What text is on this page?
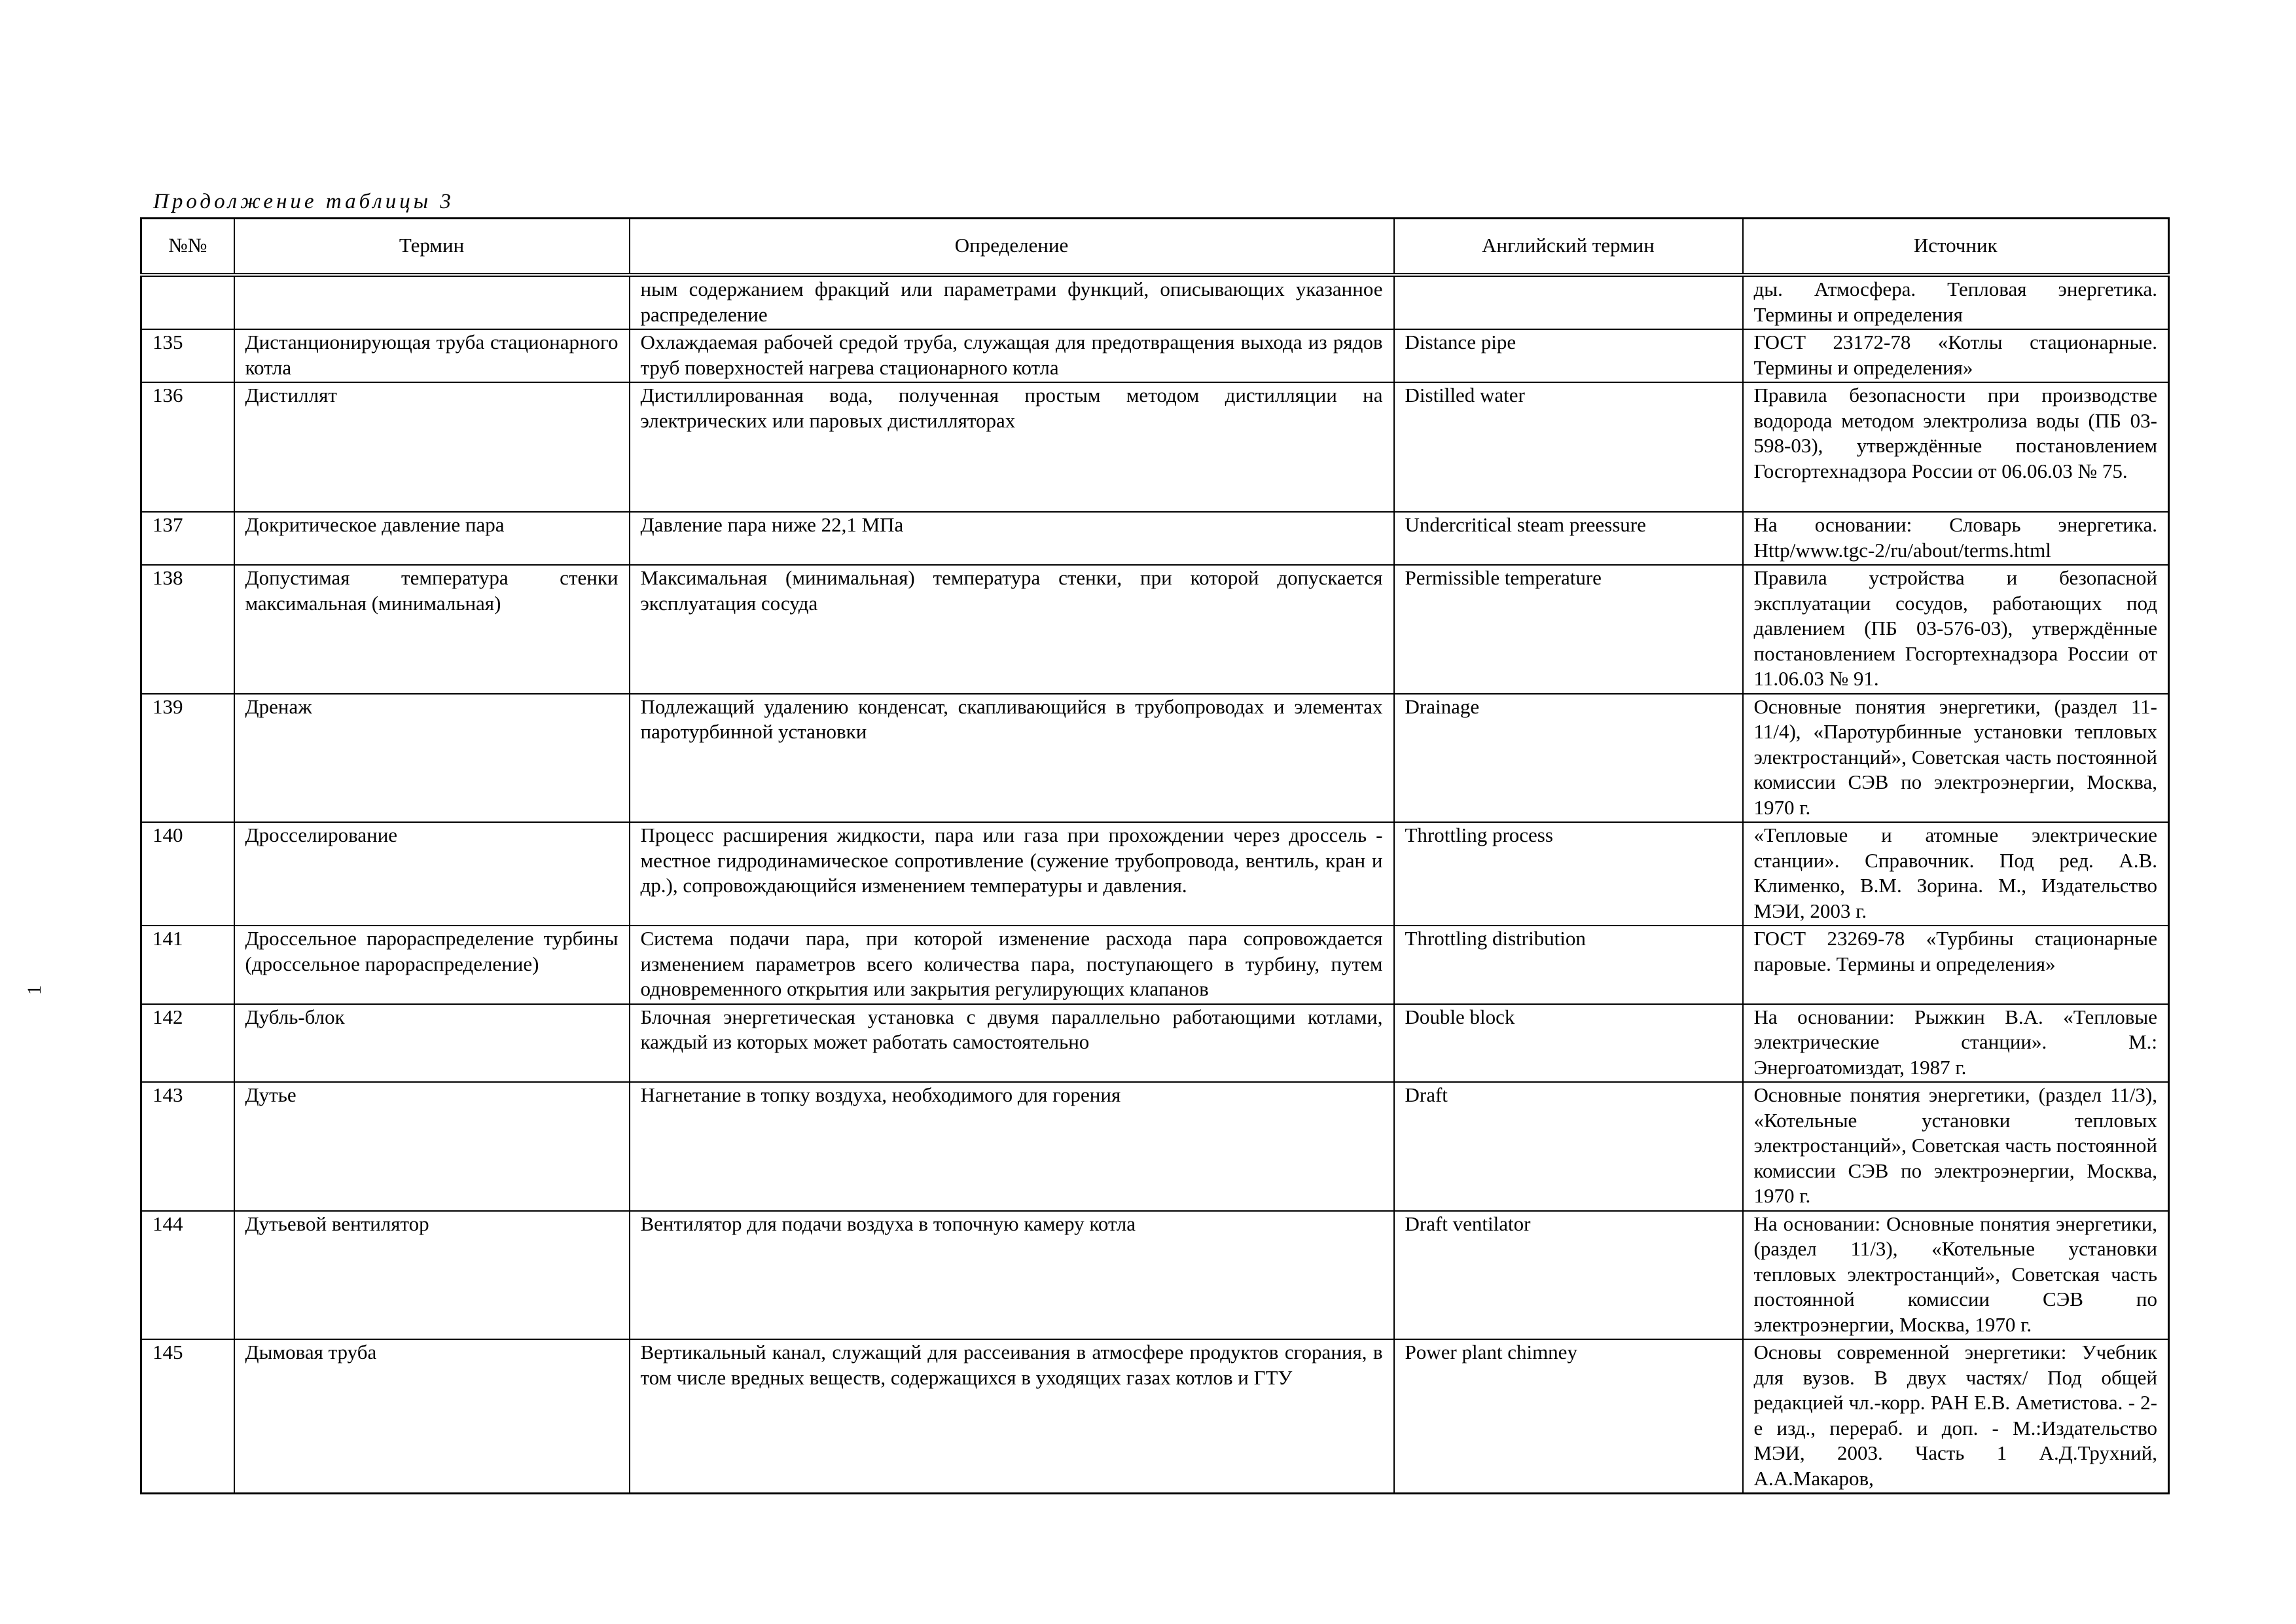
Продолжение таблицы 3
1
№№	Термин	Определение	Английский термин	Источник
		ным содержанием фракций или параметрами функций, описывающих указанное распределение		ды. Атмосфера. Тепловая энергетика. Термины и определения
135	Дистанционирующая труба стационарного котла	Охлаждаемая рабочей средой труба, служащая для предотвращения выхода из рядов труб поверхностей нагрева стационарного котла	Distance pipe	ГОСТ 23172-78 «Котлы стационарные. Термины и определения»
136	Дистиллят	Дистиллированная вода, полученная простым методом дистилляции на электрических или паровых дистилляторах	Distilled water	Правила безопасности при производстве водорода методом электролиза воды (ПБ 03-598-03), утверждённые постановлением Госгортехнадзора России от 06.06.03 № 75.
137	Докритическое давление пара	Давление пара ниже 22,1 МПа	Undercritical steam preessure	На основании: Словарь энергетика. Http/www.tgc-2/ru/about/terms.html
138	Допустимая температура стенки максимальная (минимальная)	Максимальная (минимальная) температура стенки, при которой допускается эксплуатация сосуда	Permissible temperature	Правила устройства и безопасной эксплуатации сосудов, работающих под давлением (ПБ 03-576-03), утверждённые постановлением Госгортехнадзора России от 11.06.03 № 91.
139	Дренаж	Подлежащий удалению конденсат, скапливающийся в трубопроводах и элементах паротурбинной установки	Drainage	Основные понятия энергетики, (раздел 11-11/4), «Паротурбинные установки тепловых электростанций», Советская часть постоянной комиссии СЭВ по электроэнергии, Москва, 1970 г.
140	Дросселирование	Процесс расширения жидкости, пара или газа при прохождении через дроссель - местное гидродинамическое сопротивление (сужение трубопровода, вентиль, кран и др.), сопровождающийся изменением температуры и давления.	Throttling process	«Тепловые и атомные электрические станции». Справочник. Под ред. А.В. Клименко, В.М. Зорина. М., Издательство МЭИ, 2003 г.
141	Дроссельное парораспределение турбины (дроссельное парораспределение)	Система подачи пара, при которой изменение расхода пара сопровождается изменением параметров всего количества пара, поступающего в турбину, путем одновременного открытия или закрытия регулирующих клапанов	Throttling distribution	ГОСТ 23269-78 «Турбины стационарные паровые. Термины и определения»
142	Дубль-блок	Блочная энергетическая установка с двумя параллельно работающими котлами, каждый из которых может работать самостоятельно	Double block	На основании: Рыжкин В.А. «Тепловые электрические станции». М.: Энергоатомиздат, 1987 г.
143	Дутье	Нагнетание в топку воздуха, необходимого для горения	Draft	Основные понятия энергетики, (раздел 11/3), «Котельные установки тепловых электростанций», Советская часть постоянной комиссии СЭВ по электроэнергии, Москва, 1970 г.
144	Дутьевой вентилятор	Вентилятор для подачи воздуха в топочную камеру котла	Draft ventilator	На основании: Основные понятия энергетики, (раздел 11/3), «Котельные установки тепловых электростанций», Советская часть постоянной комиссии СЭВ по электроэнергии, Москва, 1970 г.
145	Дымовая труба	Вертикальный канал, служащий для рассеивания в атмосфере продуктов сгорания, в том числе вредных веществ, содержащихся в уходящих газах котлов и ГТУ	Power plant chimney	Основы современной энергетики: Учебник для вузов. В двух частях/ Под общей редакцией чл.-корр. РАН Е.В. Аметистова. - 2-е изд., перераб. и доп. - М.:Издательство МЭИ, 2003. Часть 1 А.Д.Трухний, А.А.Макаров,
